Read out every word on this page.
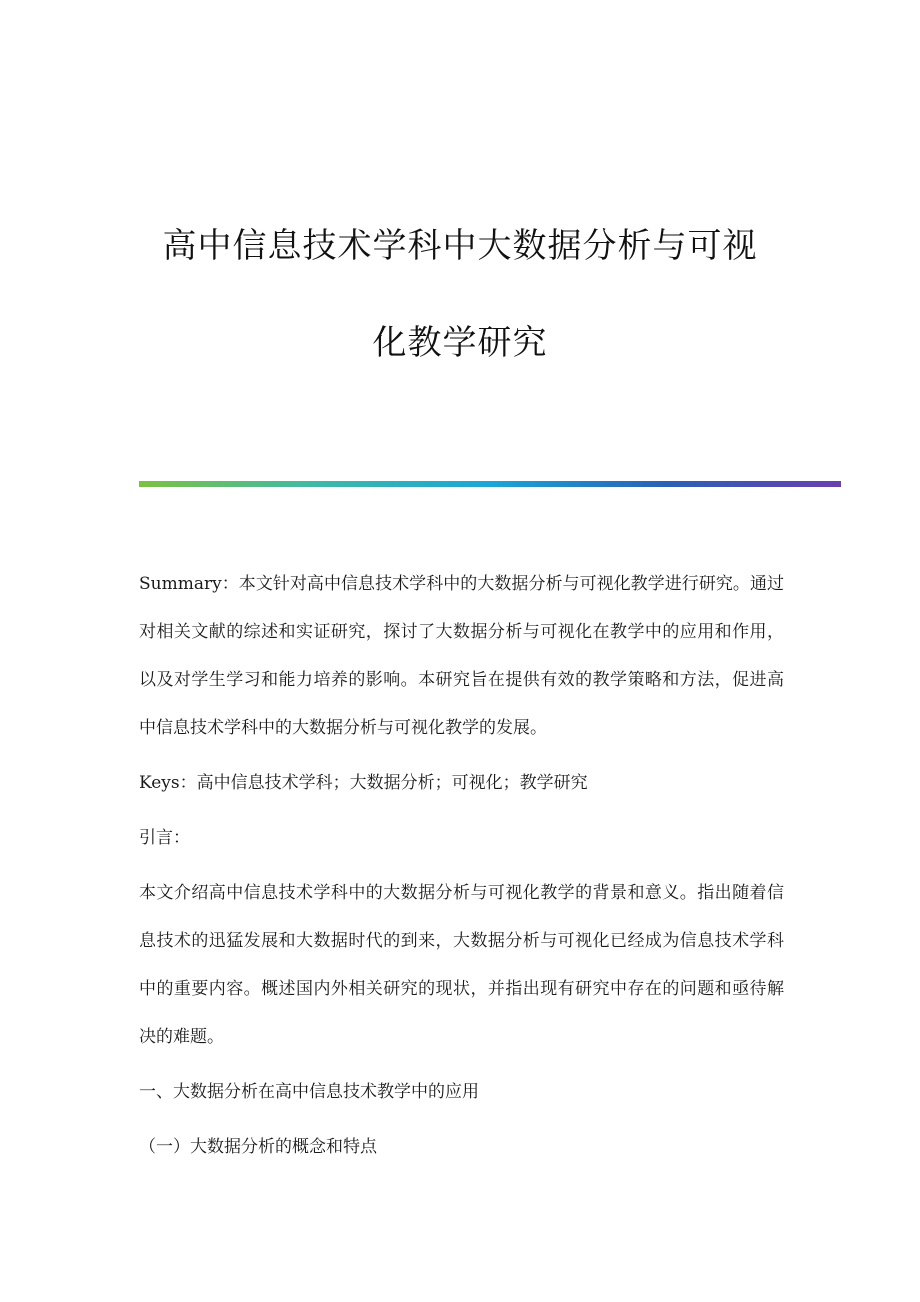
高中信息技术学科中大数据分析与可视
化教学研究

Summary：本文针对高中信息技术学科中的大数据分析与可视化教学进行研究。通过对相关文献的综述和实证研究，探讨了大数据分析与可视化在教学中的应用和作用，以及对学生学习和能力培养的影响。本研究旨在提供有效的教学策略和方法，促进高中信息技术学科中的大数据分析与可视化教学的发展。

Keys：高中信息技术学科；大数据分析；可视化；教学研究

引言：

本文介绍高中信息技术学科中的大数据分析与可视化教学的背景和意义。指出随着信息技术的迅猛发展和大数据时代的到来，大数据分析与可视化已经成为信息技术学科中的重要内容。概述国内外相关研究的现状，并指出现有研究中存在的问题和亟待解决的难题。

一、大数据分析在高中信息技术教学中的应用

（一）大数据分析的概念和特点
